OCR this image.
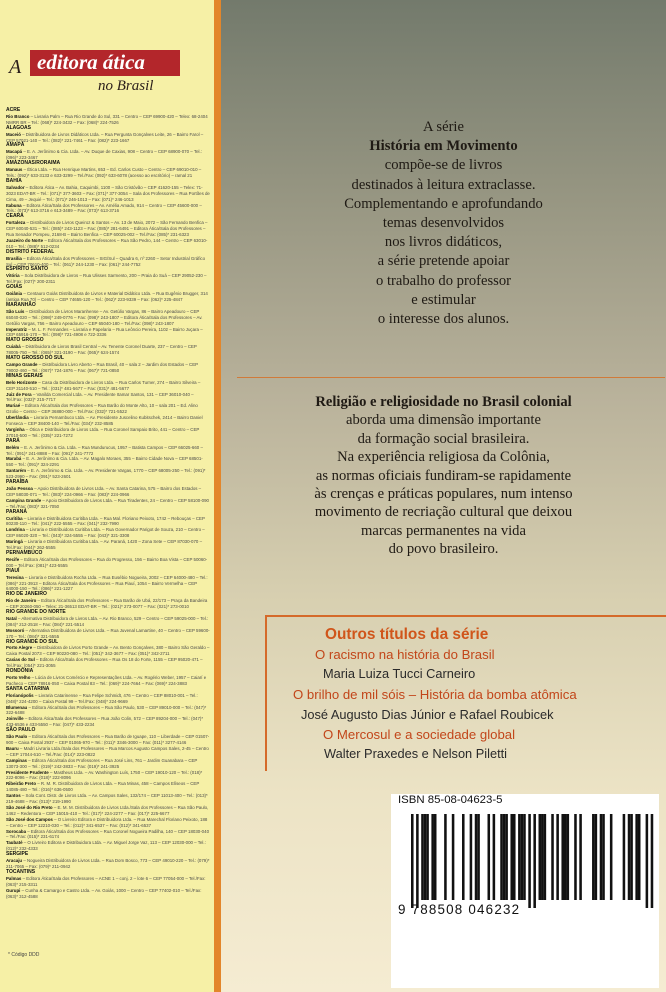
A editora ática
no Brasil
ACRE
Rio Branco – Livraria Palm – Rua Rio Grande do Sul, 331 – Centro – CEP 69900-420 – Telex: 68-2404 NMRR BR – Tel.: (068)* 224-3432 – Fax: (068)* 224-7526
ALAGOAS
Maceió – Distribuidora de Livros Didáticos Ltda. – Rua Pergunta Gonçalves Leite, 26 – Bairro Farol – CEP 57021-140 – Tel.: (082)* 221-7461 – Fax: (082)* 223-1667
AMAPÁ
Macapá – E. A. Jerônimo & Cia. Ltda. – Av. Duque de Caxias, 908 – Centro – CEP 68900-070 – Tel.: (096)* 223-3467
AMAZONAS/RORAIMA
Manaus – Ética Ltda. – Rua Henrique Martins, 653 – Ed. Carlos Custo – Centro – CEP 69010-010 – Tels.: (092)* 633-3133 e 633-3299 – Tel./Fax: (092)* 633-6078 (acesso ao escritório) – ramal 21
BAHIA
Salvador – Editora Ática – Av. Bahia, Caquimbi, 1100 – São Cristóvão – CEP 41620-155 – Telex: 71-3023 EDAT-BR – Tel.: (071)* 377-3603 – Fax: (071)* 377-3054 – Sala dos Professores – Rua Portões de Cima, 49 – Jequié – Tel.: (071)* 246-1013 – Fax: (071)* 246-1013
Itabuna – Editora Ática/Sala dos Professores – Av. Amélia Amado, 914 – Centro – CEP 45600-000 – Tels.: (073)* 613-3716 e 613-3489 – Fax: (073)* 613-3716
CEARÁ
Fortaleza – Distribuidora de Livros Queiroz & Santos – Av. 13 de Maio, 2072 – São Fernando Benfica – CEP 60040-531 – Tel.: (085)* 243-1123 – Fax: (085)* 281-6491 – Editora Ática/Sala dos Professores – Rua Senador Pompeu, 2168-B – Bairro Benfica – CEP 60025-002 – Tel./Fax: (085)* 231-6323
Juazeiro do Norte – Editora Ática/Sala dos Professores – Rua São Pedro, 144 – Centro – CEP 63010-010 – Tel.: (088)* 512-0234
DISTRITO FEDERAL
Brasília – Editora Ática/Sala dos Professores – SIG/Sul – Quadra 6, nº 2260 – Setor Industrial Gráfico Sul – CEP 70610-400 – Tel.: (061)* 244-1230 – Fax: (061)* 244-7752
ESPÍRITO SANTO
Vitória – Sola Distribuidora de Livros – Rua Ulisses Sarmento, 200 – Praia do Suá – CEP 29052-230 – Tel./Fax: (027)* 200-2311
GOIÁS
Goiânia – Centauro Goiás Distribuidora de Livros e Material Didático Ltda. – Rua Eugênio Brugger, 314 (antiga Rua 70) – Centro – CEP 74655-120 – Tel.: (062)* 223-9339 – Fax: (062)* 225-4847
MARANHÃO
São Luís – Distribuidora de Livros Maranhense – Av. Getúlio Vargas, 86 – Bairro Apeadouro – CEP 65040-020 – Tel.: (098)* 249-0776 – Fax: (098)* 243-1807 – Editora Ática/Sala dos Professores – Av. Getúlio Vargas, 756 – Bairro Apeadouro – CEP 65040-180 – Tel./Fax: (098)* 243-1807
Imperatriz – M. L. F. Fernandes – Livraria e Papelaria – Rua Leôncio Pereira, 1102 – Bairro Juçara – CEP 65916-170 – Tel.: (098)* 721-4908 e 722-3336
MATO GROSSO
Cuiabá – Distribuidora de Livros Brasil Central – Av. Tenente Coronel Duarte, 237 – Centro – CEP 78005-750 – Tel.: (065)* 321-3190 – Fax: (065)* 624-1574
MATO GROSSO DO SUL
Campo Grande – Distribuidora Livro Aberto – Rua Brasil, 40 – sala 2 – Jardim dos Estados – CEP 79002-460 – Tel.: (067)* 724-1876 – Fax: (067)* 721-0850
MINAS GERAIS
Belo Horizonte – Casa da Distribuidora de Livros Ltda. – Rua Carlos Turner, 274 – Bairro Silveira – CEP 31140-510 – Tel.: (031)* 481-5677 – Fax: (031)* 481-5677
Juiz de Fora – Vanilda Comercial Ltda. – Av. Presidente Itamar Santos, 131 – CEP 36010-040 – Tel./Fax: (032)* 215-7717
Muriaé – Editora Ática/Sala dos Professores – Rua Barão do Monte Alto, 10 – sala 201 – Ed. Alino Ozolio – Centro – CEP 36880-000 – Tel./Fax: (032)* 721-5522
Uberlândia – Livraria Pernambuco Ltda. – Av. Presidente Juscelino Kubitschek, 2414 – Bairro Daniel Fonseca – CEP 38400-140 – Tel./Fax: (034)* 232-8585
Varginha – Ótica e Distribuidora de Livros Ltda. – Rua Coronel Sampaio Brito, 441 – Centro – CEP 37010-500 – Tel.: (035)* 221-7272
PARÁ
Belém – E. A. Jerônimo & Cia. Ltda. – Rua Mundurucus, 1957 – Batista Campos – CEP 66025-660 – Tel.: (091)* 241-8888 – Fax: (091)* 241-7772
Marabá – E. A. Jerônimo & Cia. Ltda. – Av. Magalo Moraes, 355 – Bairro Cidade Nova – CEP 68501-550 – Tel.: (091)* 324-2291
Santarém – E. A. Jerônimo & Cia. Ltda. – Av. Presidente Vargas, 1770 – CEP 68005-250 – Tel.: (091)* 523-2990 – Fax: (091)* 523-2601
PARAÍBA
João Pessoa – Apoio Distribuidora de Livros Ltda. – Av. Santa Catarina, 575 – Bairro dos Estados – CEP 58030-071 – Tel.: (083)* 224-0966 – Fax: (083)* 224-0966
Campina Grande – Apoio Distribuidora de Livros Ltda. – Rua Tiradentes, 24 – Centro – CEP 58100-090 – Tel./Fax: (083)* 321-7050
PARANÁ
Curitiba – Livraria e Distribuidora Curitiba Ltda. – Rua Mal. Floriano Peixoto, 1742 – Rebouças – CEP 80230-110 – Tel.: (041)* 222-5555 – Fax: (041)* 232-7990
Londrina – Livraria e Distribuidora Curitiba Ltda. – Rua Governador Parigot de Souza, 210 – Centro – CEP 86020-320 – Tel.: (043)* 324-5555 – Fax: (043)* 321-3308
Maringá – Livraria e Distribuidora Curitiba Ltda. – Av. Paraná, 1420 – Zona Sete – CEP 87030-070 – Tel./Fax: (044)* 262-5555
PERNAMBUCO
Recife – Editora Ática/Sala dos Professores – Rua do Progresso, 156 – Bairro Boa Vista – CEP 50060-000 – Tel./Fax: (081)* 423-5555
PIAUÍ
Teresina – Livraria e Distribuidora Rocha Ltda. – Rua Eusébio Nogueira, 2002 – CEP 64000-480 – Tel.: (086)* 221-3913 – Editora Ática/Sala dos Professores – Rua Piauí, 1054 – Bairro Vermelha – CEP 64000-150 – Tel.: (086)* 221-1227
RIO DE JANEIRO
Rio de Janeiro – Editora Ática/Sala dos Professores – Rua Barão de Ubá, 22/173 – Praça da Bandeira – CEP 20260-050 – Telex: 21-36513 EDAT-BR – Tel.: (021)* 273-0077 – Fax: (021)* 273-0010
RIO GRANDE DO NORTE
Natal – Alternativa Distribuidora de Livros Ltda. – Av. Rio Branco, 529 – Centro – CEP 59025-000 – Tel.: (084)* 212-2518 – Fax: (084)* 221-5514
Mossoró – Alternativa Distribuidora de Livros Ltda. – Rua Juvenal Lamartine, 40 – Centro – CEP 59600-170 – Tel.: (084)* 321-5555
RIO GRANDE DO SUL
Porto Alegre – Distribuidora de Livros Porto Grande – Av. Bento Gonçalves, 380 – Bairro São Geraldo – Caixa Postal 2073 – CEP 90220-080 – Tel.: (051)* 342-3677 – Fax: (051)* 342-2711
Caxias do Sul – Editora Ática/Sala dos Professores – Rua Os 18 do Forte, 1155 – CEP 95020-471 – Tel./Fax: (054)* 221-3055
RONDÔNIA
Porto Velho – Lúcia de Livros Comércio e Representações Ltda. – Av. Rogério Weber, 1957 – Caiarí e Pacheco – CEP 78916-050 – Caixa Postal 83 – Tel.: (069)* 224-7664 – Fax: (069)* 224-3883
SANTA CATARINA
Florianópolis – Livraria Catarinense – Rua Felipe Schmidt, 476 – Centro – CEP 88010-001 – Tel.: (048)* 224-4200 – Caixa Postal 99 – Tel./Fax: (048)* 224-9669
Blumenau – Editora Ática/Sala dos Professores – Rua São Paulo, 530 – CEP 89010-000 – Tel.: (047)* 322-6488
Joinville – Editora Ática/Sala dos Professores – Rua João Colin, 572 – CEP 89204-000 – Tel.: (047)* 433-6536 e 433-5550 – Fax: (047)* 433-2234
SÃO PAULO
São Paulo – Editora Ática/Sala dos Professores – Rua Barão de Iguape, 110 – Liberdade – CEP 01507-900 – Caixa Postal 2937 – CEP 01065-970 – Tel.: (011)* 3346-3000 – Fax: (011)* 3277-4146
Bauru – Madri Livraria Ltda./Sala dos Professores – Rua Marcos Augusto Campos Sales, 2-45 – Centro – CEP 17044-610 – Tel./Fax: (014)* 223-0822
Campinas – Editora Ática/Sala dos Professores – Rua José Lins, 761 – Jardim Guanabara – CEP 13073-300 – Tel.: (019)* 242-3833 – Fax: (019)* 241-3925
Presidente Prudente – Mastheus Ltda. – Av. Washington Luís, 1750 – CEP 19010-120 – Tel.: (018)* 222-8096 – Fax: (018)* 222-8096
Ribeirão Preto – R. M. R. Distribuidora de Livros Ltda. – Rua Minas, 458 – Campos Elíseos – CEP 14085-480 – Tel.: (016)* 636-0500
Santos – Sola Cont. Distr. de Livros Ltda. – Av. Campos Sales, 132/174 – CEP 11013-400 – Tel.: (013)* 219-4688 – Fax: (013)* 219-1990
São José do Rio Preto – E. M. M. Distribuidora de Livros Ltda./Sala dos Professores – Rua São Paulo, 1462 – Redentora – CEP 15015-410 – Tel.: (017)* 224-2277 – Fax: (017)* 225-6677
São José dos Campos – O Livreiro Editora e Distribuidora Ltda. – Rua Marechal Floriano Peixoto, 188 – Centro – CEP 12210-030 – Tel.: (012)* 341-6537 – Fax: (012)* 341-6537
Sorocaba – Editora Ática/Sala dos Professores – Rua Coronel Nogueira Padilha, 140 – CEP 18030-040 – Tel./Fax: (015)* 231-6174
Taubaté – O Livreiro Editora e Distribuidora Ltda. – Av. Miguel Jorge Vaz, 113 – CEP 12030-000 – Tel.: (012)* 232-4333
SERGIPE
Aracaju – Nogueira Distribuidora de Livros Ltda. – Rua Dom Bosco, 773 – CEP 49010-220 – Tel.: (079)* 211-7065 – Fax: (079)* 211-0942
TOCANTINS
Palmas – Editora Ática/Sala dos Professores – ACNE 1 – conj. 2 – lote 6 – CEP 77054-000 – Tel./Fax: (063)* 215-3311
Gurupi – Cunha & Camargo e Castro Ltda. – Av. Goiás, 1000 – Centro – CEP 77402-010 – Tel./Fax: (063)* 312-4588
* Código DDD
A série
História em Movimento
compõe-se de livros
destinados à leitura extraclasse.
Complementando e aprofundando
temas desenvolvidos
nos livros didáticos,
a série pretende apoiar
o trabalho do professor
e estimular
o interesse dos alunos.
Religião e religiosidade no Brasil colonial
aborda uma dimensão importante
da formação social brasileira.
Na experiência religiosa da Colônia,
as normas oficiais fundiram-se rapidamente
às crenças e práticas populares, num intenso
movimento de recriação cultural que deixou
marcas permanentes na vida
do povo brasileiro.
Outros títulos da série
O racismo na história do Brasil
Maria Luiza Tucci Carneiro
O brilho de mil sóis – História da bomba atômica
José Augusto Dias Júnior e Rafael Roubicek
O Mercosul e a sociedade global
Walter Praxedes e Nelson Piletti
ISBN 85-08-04623-5
9 788508 046232
